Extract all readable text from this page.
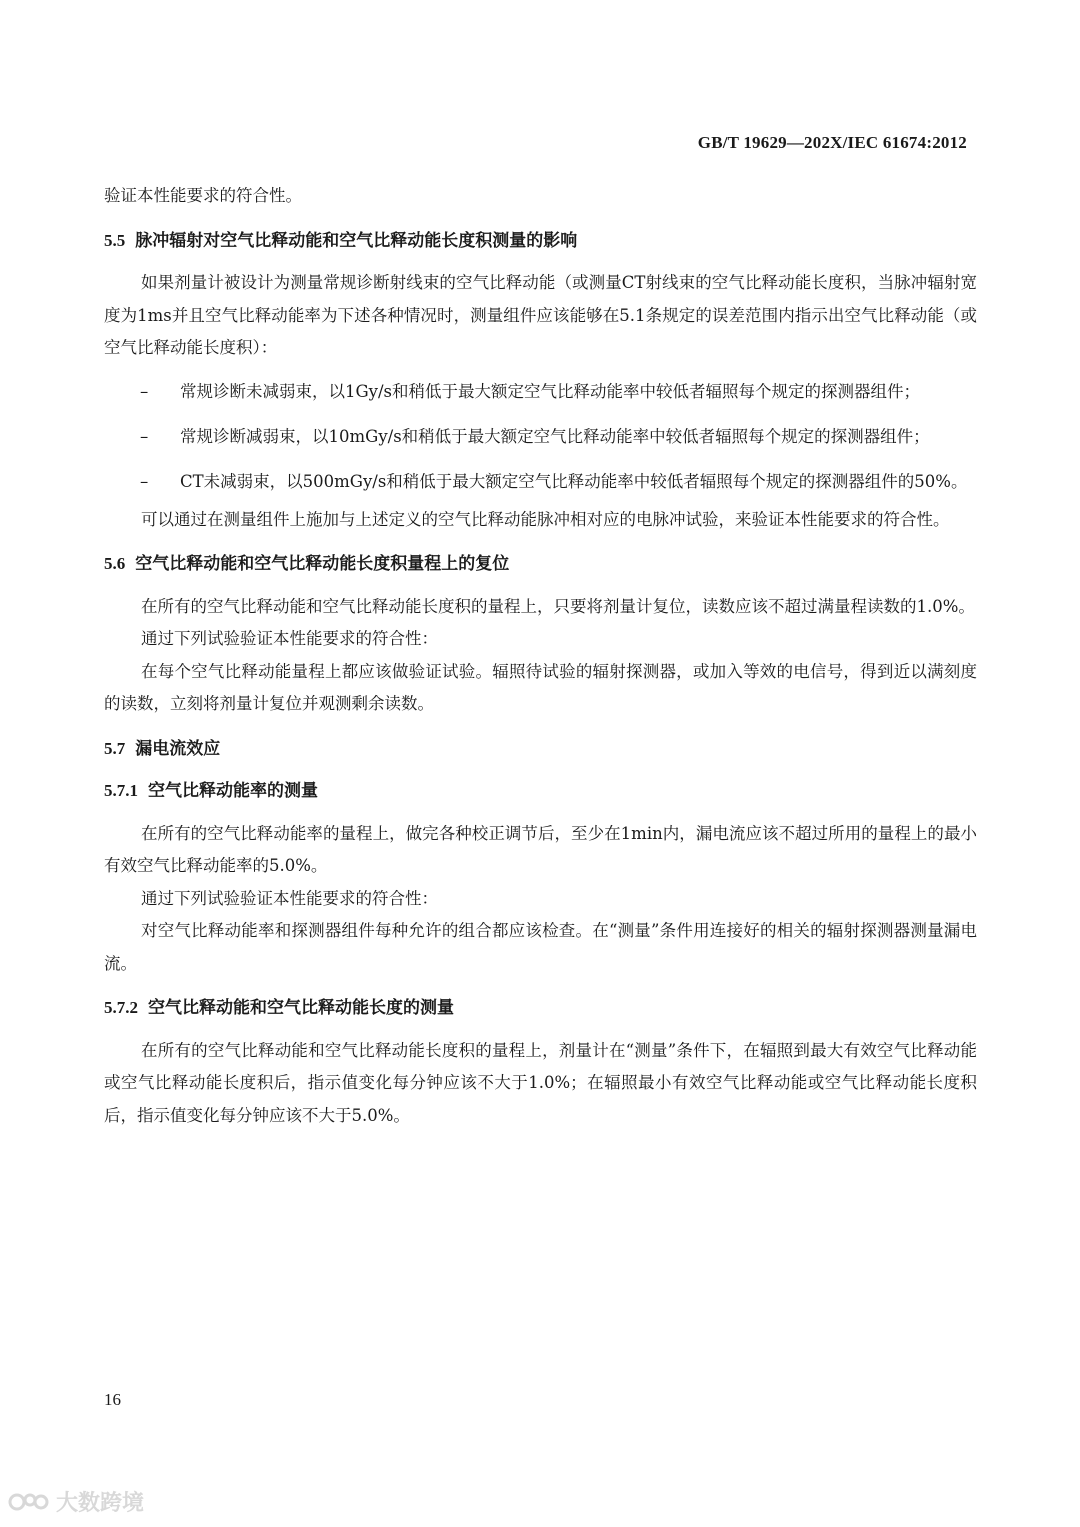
GB/T 19629—202X/IEC 61674:2012

验证本性能要求的符合性。

5.5 脉冲辐射对空气比释动能和空气比释动能长度积测量的影响

如果剂量计被设计为测量常规诊断射线束的空气比释动能（或测量CT射线束的空气比释动能长度积，当脉冲辐射宽度为1ms并且空气比释动能率为下述各种情况时，测量组件应该能够在5.1条规定的误差范围内指示出空气比释动能（或空气比释动能长度积）：

– 常规诊断未减弱束，以1Gy/s和稍低于最大额定空气比释动能率中较低者辐照每个规定的探测器组件；

– 常规诊断减弱束，以10mGy/s和稍低于最大额定空气比释动能率中较低者辐照每个规定的探测器组件；

– CT未减弱束，以500mGy/s和稍低于最大额定空气比释动能率中较低者辐照每个规定的探测器组件的50%。

可以通过在测量组件上施加与上述定义的空气比释动能脉冲相对应的电脉冲试验，来验证本性能要求的符合性。

5.6 空气比释动能和空气比释动能长度积量程上的复位

在所有的空气比释动能和空气比释动能长度积的量程上，只要将剂量计复位，读数应该不超过满量程读数的1.0%。

通过下列试验验证本性能要求的符合性：

在每个空气比释动能量程上都应该做验证试验。辐照待试验的辐射探测器，或加入等效的电信号，得到近以满刻度的读数，立刻将剂量计复位并观测剩余读数。

5.7 漏电流效应
5.7.1 空气比释动能率的测量

在所有的空气比释动能率的量程上，做完各种校正调节后，至少在1min内，漏电流应该不超过所用的量程上的最小有效空气比释动能率的5.0%。

通过下列试验验证本性能要求的符合性：

对空气比释动能率和探测器组件每种允许的组合都应该检查。在“测量”条件用连接好的相关的辐射探测器测量漏电流。

5.7.2 空气比释动能和空气比释动能长度的测量

在所有的空气比释动能和空气比释动能长度积的量程上，剂量计在“测量”条件下，在辐照到最大有效空气比释动能或空气比释动能长度积后，指示值变化每分钟应该不大于1.0%；在辐照最小有效空气比释动能或空气比释动能长度积后，指示值变化每分钟应该不大于5.0%。

16
大数跨境
